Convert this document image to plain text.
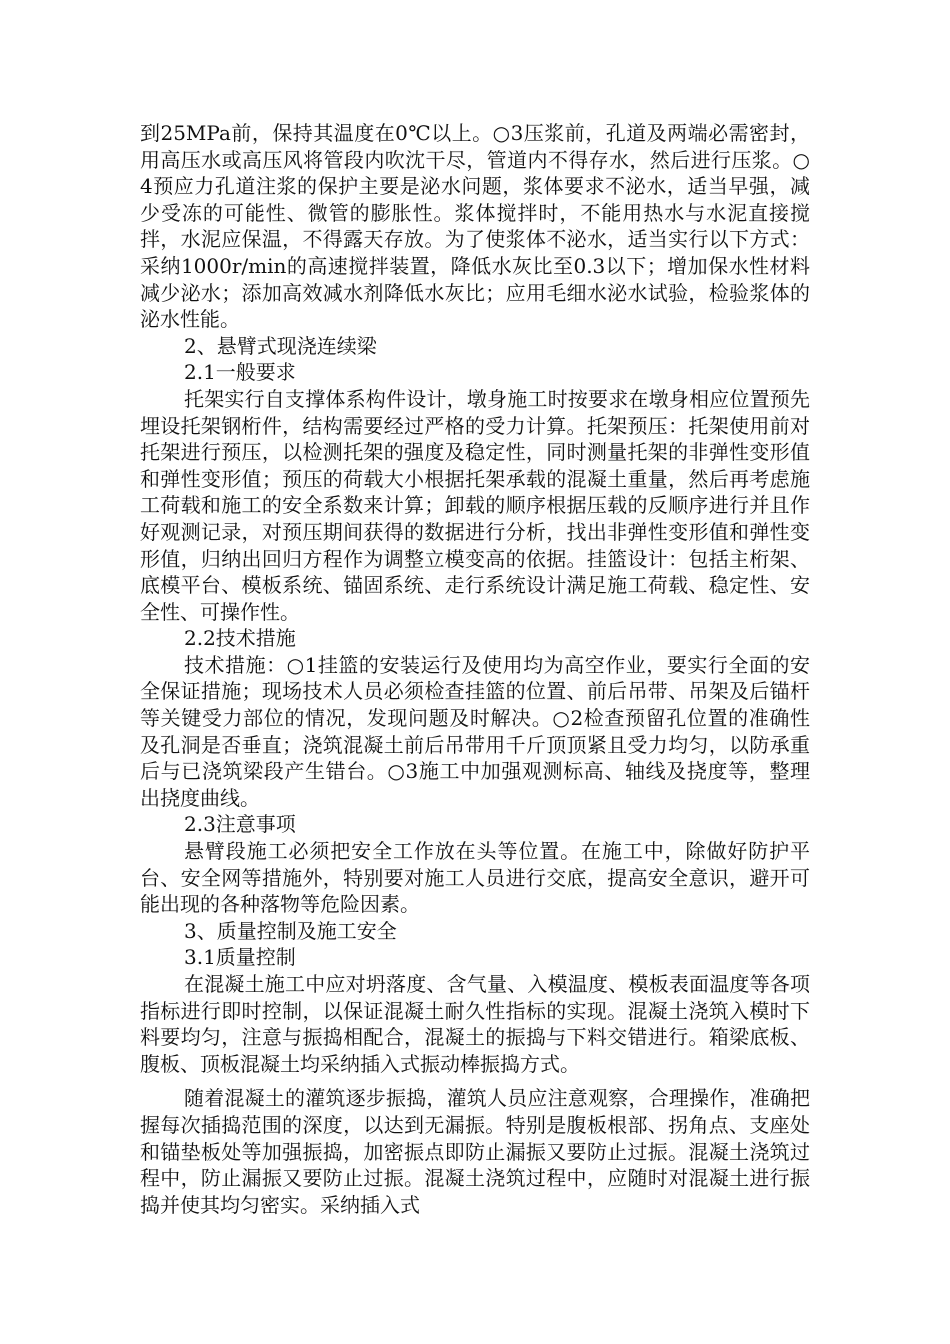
到25MPa前，保持其温度在0℃以上。○3压浆前，孔道及两端必需密封，用高压水或高压风将管段内吹沈干尽，管道内不得存水，然后进行压浆。○4预应力孔道注浆的保护主要是泌水问题，浆体要求不泌水，适当早强，减少受冻的可能性、微管的膨胀性。浆体搅拌时，不能用热水与水泥直接搅拌，水泥应保温，不得露天存放。为了使浆体不泌水，适当实行以下方式：采纳1000r/min的高速搅拌装置，降低水灰比至0.3以下；增加保水性材料减少泌水；添加高效减水剂降低水灰比；应用毛细水泌水试验，检验浆体的泌水性能。

2、悬臂式现浇连续梁

2.1一般要求

托架实行自支撑体系构件设计，墩身施工时按要求在墩身相应位置预先埋设托架钢桁件，结构需要经过严格的受力计算。托架预压：托架使用前对托架进行预压，以检测托架的强度及稳定性，同时测量托架的非弹性变形值和弹性变形值；预压的荷载大小根据托架承载的混凝土重量，然后再考虑施工荷载和施工的安全系数来计算；卸载的顺序根据压载的反顺序进行并且作好观测记录，对预压期间获得的数据进行分析，找出非弹性变形值和弹性变形值，归纳出回归方程作为调整立模变高的依据。挂篮设计：包括主桁架、底模平台、模板系统、锚固系统、走行系统设计满足施工荷载、稳定性、安全性、可操作性。

2.2技术措施

技术措施：○1挂篮的安装运行及使用均为高空作业，要实行全面的安全保证措施；现场技术人员必须检查挂篮的位置、前后吊带、吊架及后锚杆等关键受力部位的情况，发现问题及时解决。○2检查预留孔位置的准确性及孔洞是否垂直；浇筑混凝土前后吊带用千斤顶顶紧且受力均匀，以防承重后与已浇筑梁段产生错台。○3施工中加强观测标高、轴线及挠度等，整理出挠度曲线。

2.3注意事项

悬臂段施工必须把安全工作放在头等位置。在施工中，除做好防护平台、安全网等措施外，特别要对施工人员进行交底，提高安全意识，避开可能出现的各种落物等危险因素。

3、质量控制及施工安全

3.1质量控制

在混凝土施工中应对坍落度、含气量、入模温度、模板表面温度等各项指标进行即时控制，以保证混凝土耐久性指标的实现。混凝土浇筑入模时下料要均匀，注意与振捣相配合，混凝土的振捣与下料交错进行。箱梁底板、腹板、顶板混凝土均采纳插入式振动棒振捣方式。

随着混凝土的灌筑逐步振捣，灌筑人员应注意观察，合理操作，准确把握每次插捣范围的深度，以达到无漏振。特别是腹板根部、拐角点、支座处和锚垫板处等加强振捣，加密振点即防止漏振又要防止过振。混凝土浇筑过程中，防止漏振又要防止过振。混凝土浇筑过程中，应随时对混凝土进行振捣并使其均匀密实。采纳插入式
